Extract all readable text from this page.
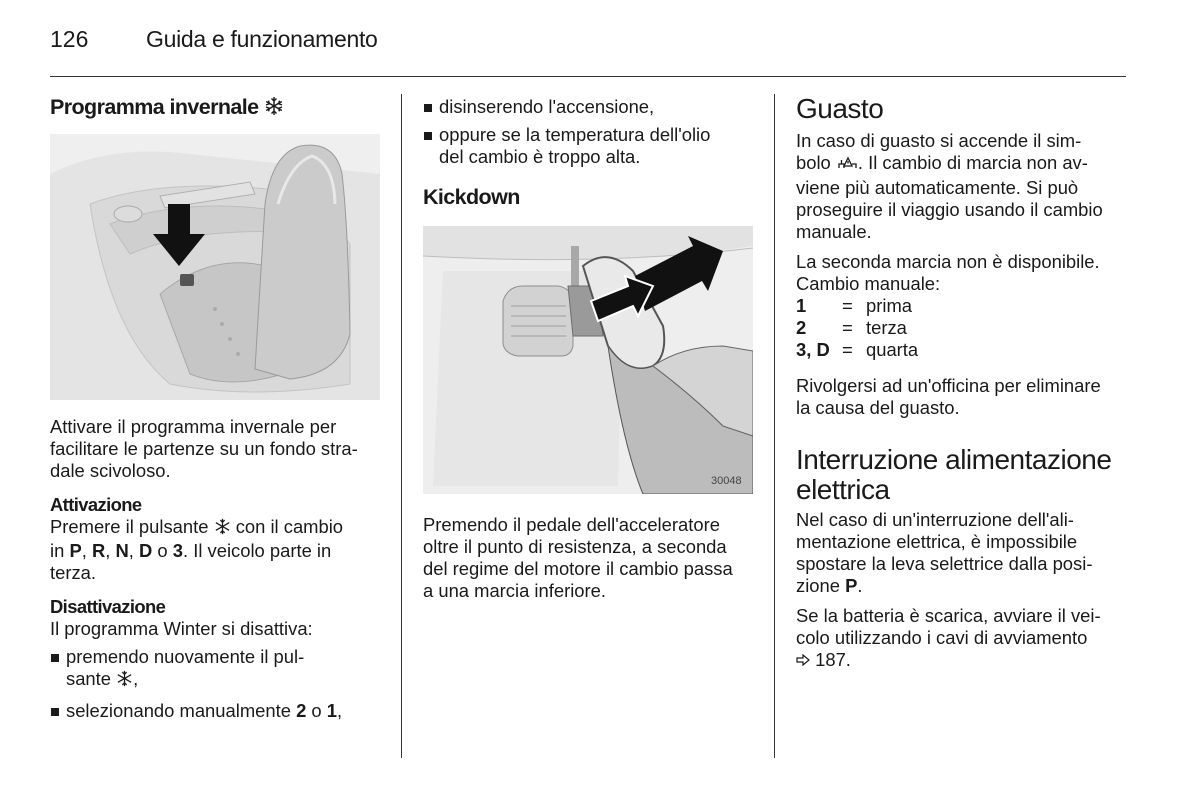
126	Guida e funzionamento
Programma invernale

Attivare il programma invernale per
facilitare le partenze su un fondo stra-
dale scivoloso.

Attivazione

Premere il pulsante con il cambio
in P, R, N, D o 3. Il veicolo parte in
terza.

Disattivazione

Il programma Winter si disattiva:

premendo nuovamente il pul-
sante ,
selezionando manualmente 2 o 1,
disinserendo l'accensione,
oppure se la temperatura dell'olio
del cambio è troppo alta.
Kickdown
30048

Premendo il pedale dell'acceleratore
oltre il punto di resistenza, a seconda
del regime del motore il cambio passa
a una marcia inferiore.

Guasto

In caso di guasto si accende il sim-
bolo . Il cambio di marcia non av-
viene più automaticamente. Si può
proseguire il viaggio usando il cambio
manuale.

La seconda marcia non è disponibile.
Cambio manuale:

1	= prima
2	= terza
3, D = quarta

Rivolgersi ad un'officina per eliminare
la causa del guasto.

Interruzione alimentazione
elettrica

Nel caso di un'interruzione dell'ali-
mentazione elettrica, è impossibile
spostare la leva selettrice dalla posi-
zione P.

Se la batteria è scarica, avviare il vei-
colo utilizzando i cavi di avviamento
187.
